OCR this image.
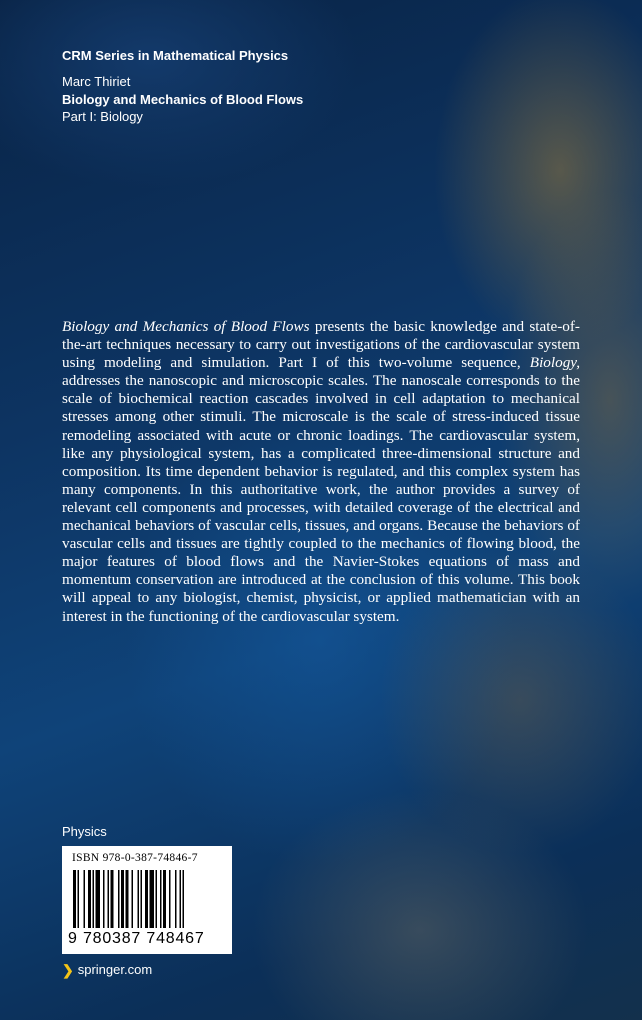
CRM Series in Mathematical Physics
Marc Thiriet
Biology and Mechanics of Blood Flows
Part I: Biology

Biology and Mechanics of Blood Flows presents the basic knowledge and state-of-the-art techniques necessary to carry out investigations of the cardiovascular system using modeling and simulation. Part I of this two-volume sequence, Biology, addresses the nanoscopic and microscopic scales. The nanoscale corresponds to the scale of biochemical reaction cascades involved in cell adaptation to mechanical stresses among other stimuli. The microscale is the scale of stress-induced tissue remodeling associated with acute or chronic loadings. The cardiovascular system, like any physiological system, has a complicated three-dimensional structure and composition. Its time dependent behavior is regulated, and this complex system has many components. In this authoritative work, the author provides a survey of relevant cell components and processes, with detailed coverage of the electrical and mechanical behaviors of vascular cells, tissues, and organs. Because the behaviors of vascular cells and tissues are tightly coupled to the mechanics of flowing blood, the major features of blood flows and the Navier-Stokes equations of mass and momentum conservation are introduced at the conclusion of this volume. This book will appeal to any biologist, chemist, physicist, or applied mathematician with an interest in the functioning of the cardiovascular system.

Physics
ISBN 978-0-387-74846-7
9 780387 748467
❯ springer.com
